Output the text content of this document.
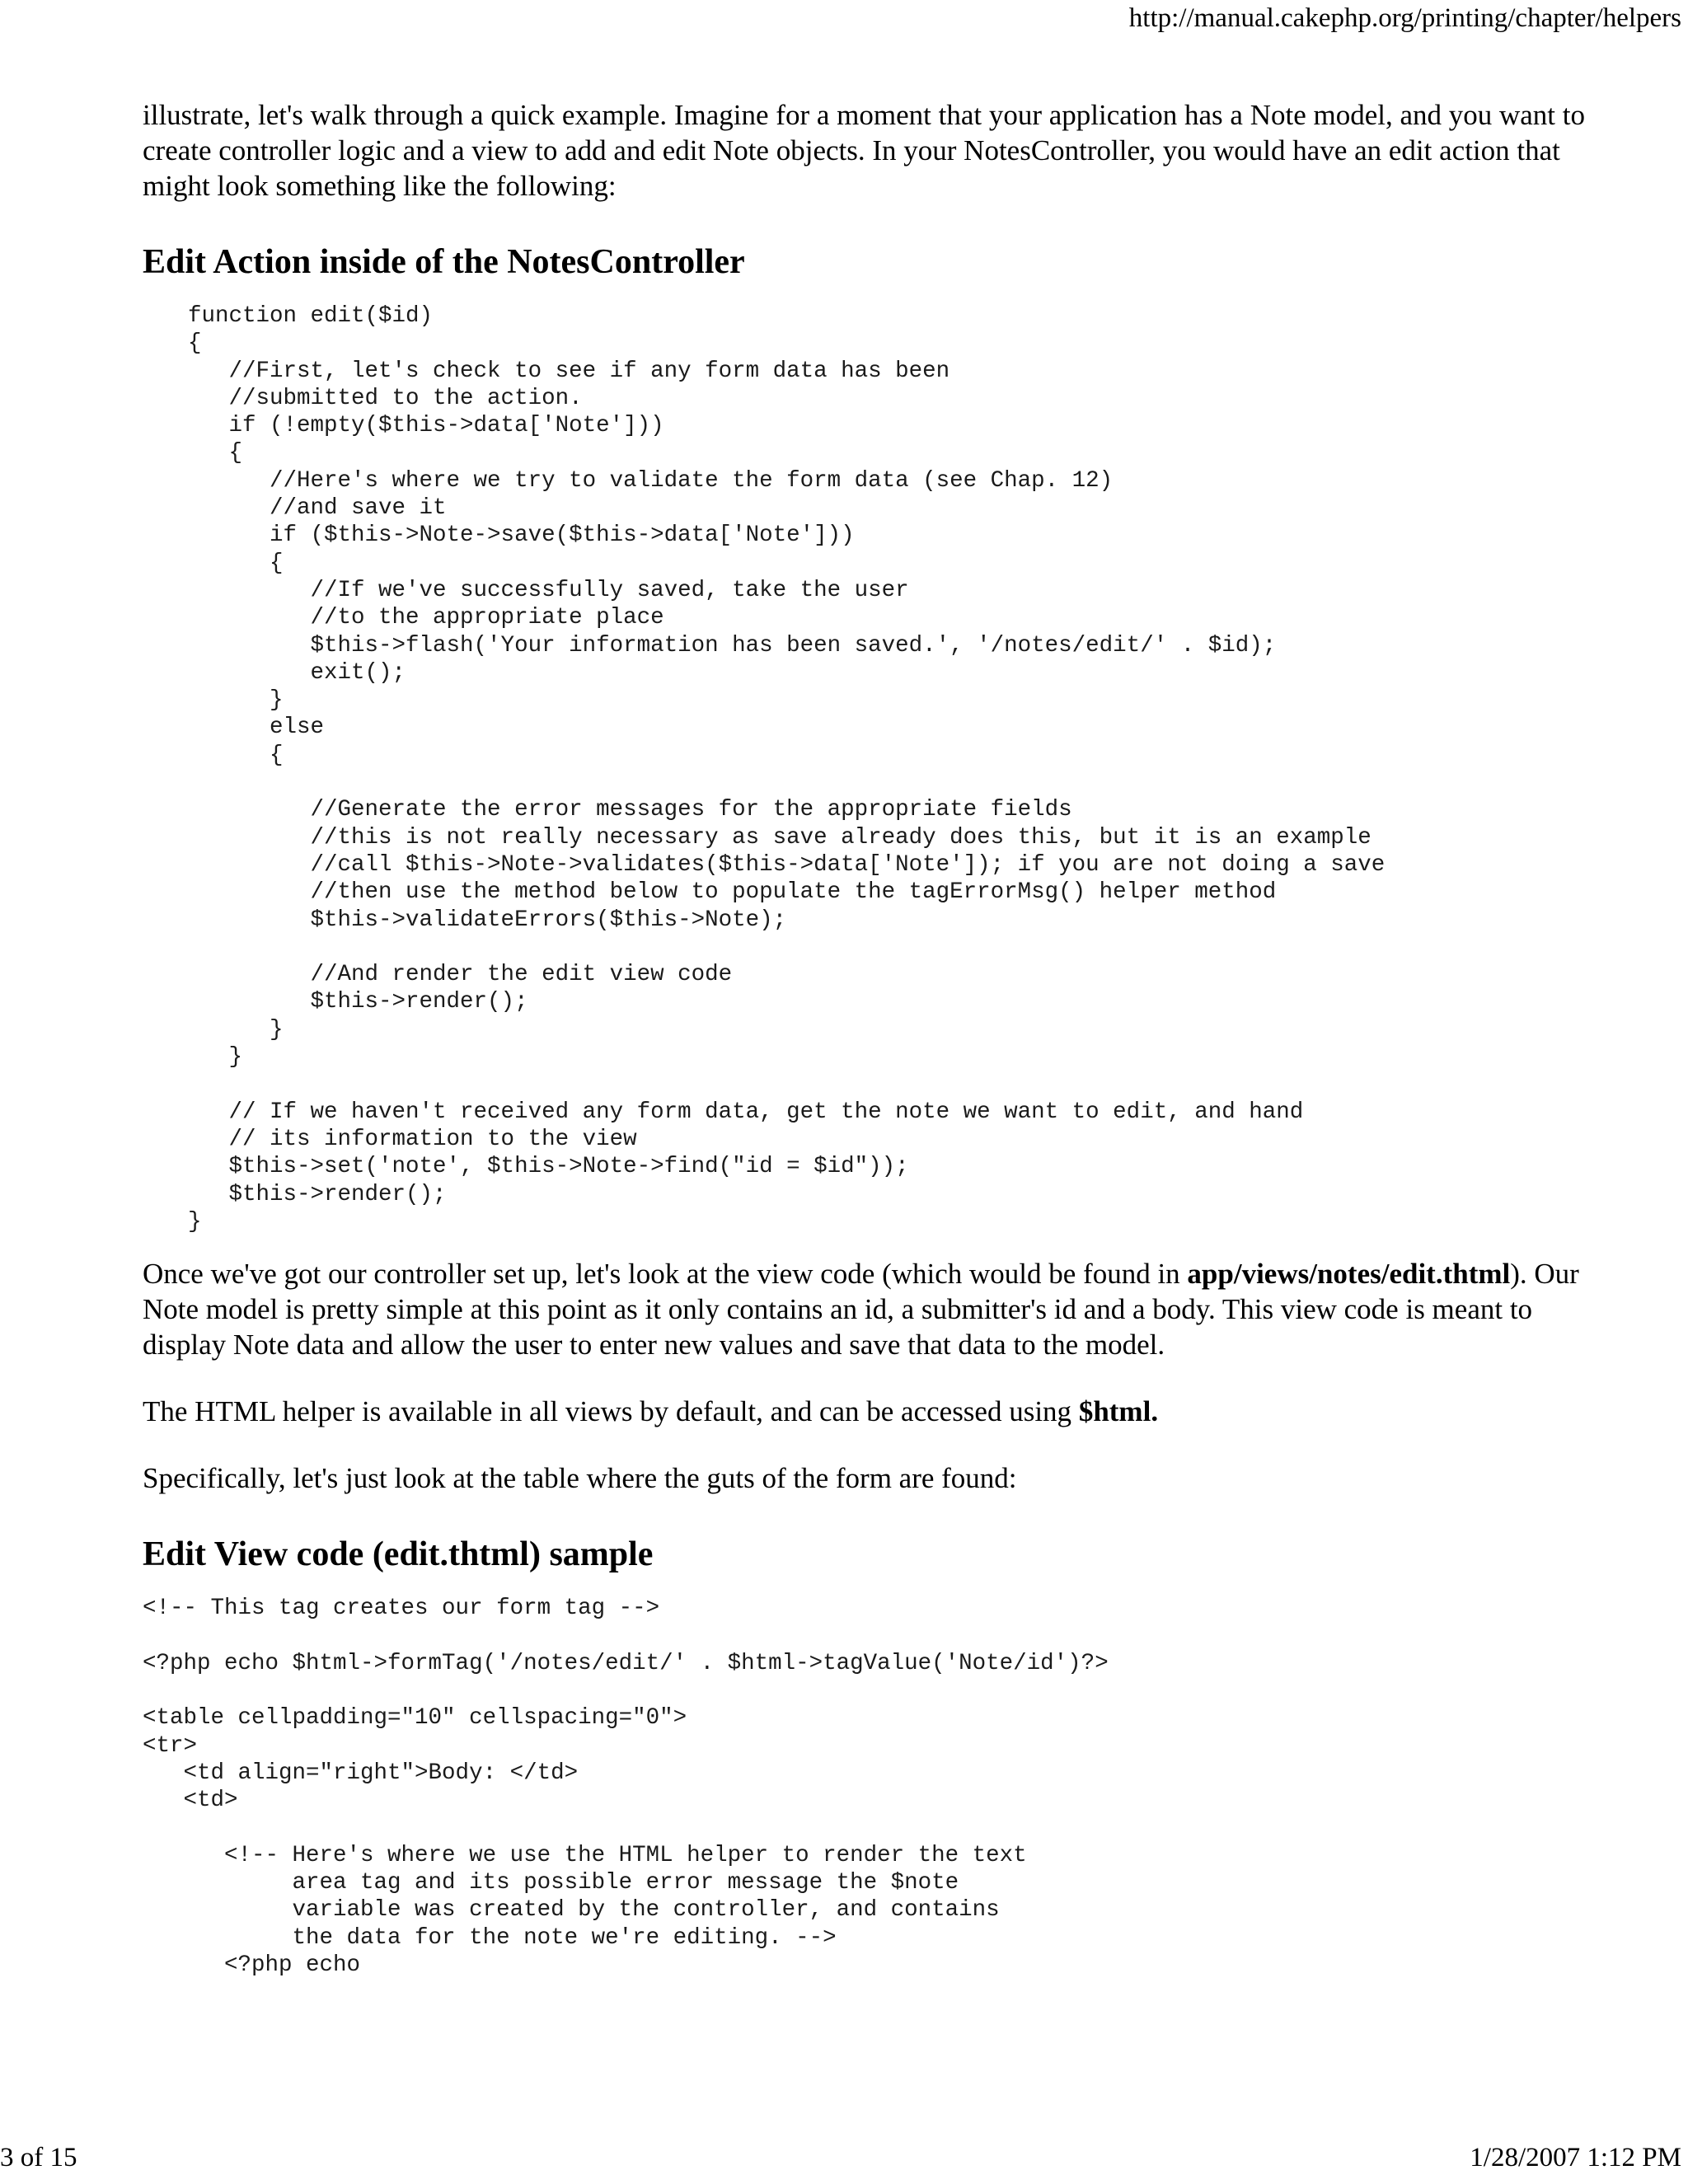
http://manual.cakephp.org/printing/chapter/helpers

illustrate, let's walk through a quick example. Imagine for a moment that your application has a Note model, and you want to create controller logic and a view to add and edit Note objects. In your NotesController, you would have an edit action that might look something like the following:

Edit Action inside of the NotesController
function edit($id)
{
//First, let's check to see if any form data has been
//submitted to the action.
if (!empty($this->data['Note']))
{
//Here's where we try to validate the form data (see Chap. 12)
//and save it
if ($this->Note->save($this->data['Note']))
{
//If we've successfully saved, take the user
//to the appropriate place
$this->flash('Your information has been saved.', '/notes/edit/' . $id);
exit();
}
else
{

//Generate the error messages for the appropriate fields
//this is not really necessary as save already does this, but it is an example
//call $this->Note->validates($this->data['Note']); if you are not doing a save
//then use the method below to populate the tagErrorMsg() helper method
$this->validateErrors($this->Note);

//And render the edit view code
$this->render();
}
}

// If we haven't received any form data, get the note we want to edit, and hand
// its information to the view
$this->set('note', $this->Note->find("id = $id"));
$this->render();
}

Once we've got our controller set up, let's look at the view code (which would be found in app/views/notes/edit.thtml). Our Note model is pretty simple at this point as it only contains an id, a submitter's id and a body. This view code is meant to display Note data and allow the user to enter new values and save that data to the model.

The HTML helper is available in all views by default, and can be accessed using $html.

Specifically, let's just look at the table where the guts of the form are found:

Edit View code (edit.thtml) sample
<!-- This tag creates our form tag -->

<?php echo $html->formTag('/notes/edit/' . $html->tagValue('Note/id')?>

<table cellpadding="10" cellspacing="0">
<tr>
<td align="right">Body: </td>
<td>

<!-- Here's where we use the HTML helper to render the text
area tag and its possible error message the $note
variable was created by the controller, and contains
the data for the note we're editing. -->
<?php echo
3 of 15	1/28/2007 1:12 PM
